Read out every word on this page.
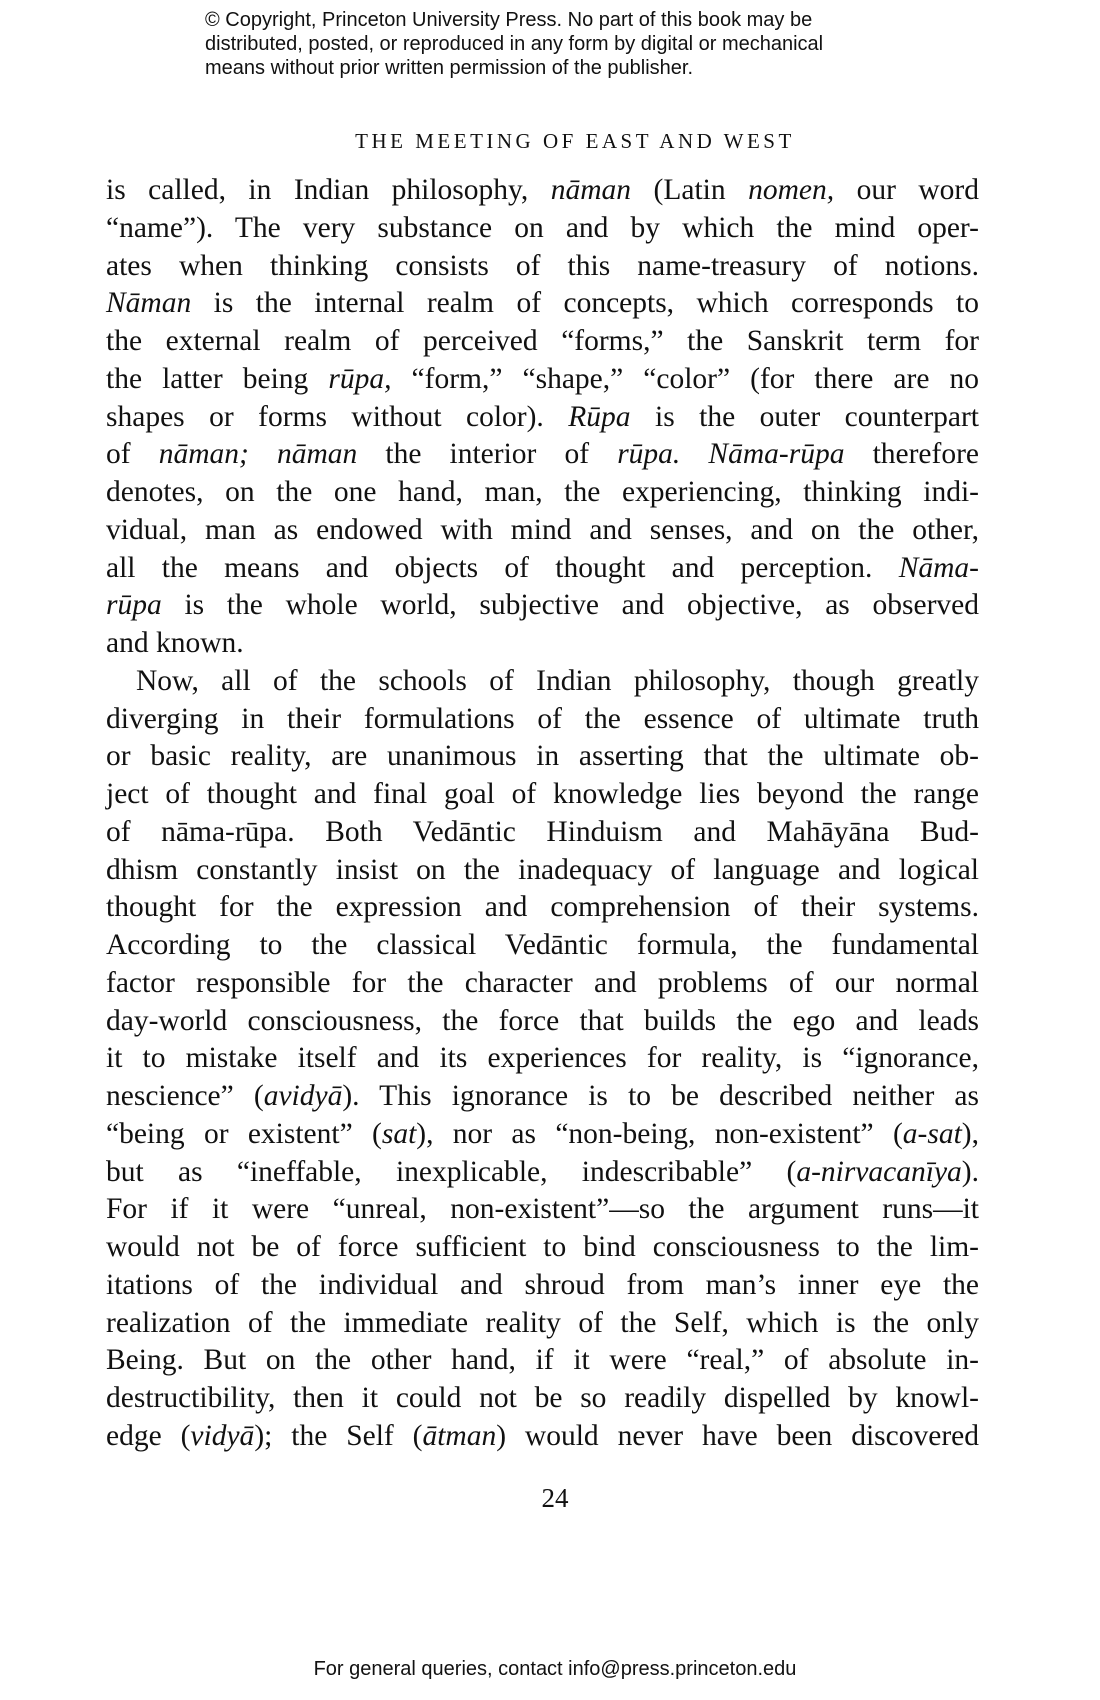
© Copyright, Princeton University Press. No part of this book may be
distributed, posted, or reproduced in any form by digital or mechanical
means without prior written permission of the publisher.
THE MEETING OF EAST AND WEST
is called, in Indian philosophy, nāman (Latin nomen, our word
“name”). The very substance on and by which the mind oper-
ates when thinking consists of this name-treasury of notions.
Nāman is the internal realm of concepts, which corresponds to
the external realm of perceived “forms,” the Sanskrit term for
the latter being rūpa, “form,” “shape,” “color” (for there are no
shapes or forms without color). Rūpa is the outer counterpart
of nāman; nāman the interior of rūpa. Nāma-rūpa therefore
denotes, on the one hand, man, the experiencing, thinking indi-
vidual, man as endowed with mind and senses, and on the other,
all the means and objects of thought and perception. Nāma-
rūpa is the whole world, subjective and objective, as observed
and known.
Now, all of the schools of Indian philosophy, though greatly
diverging in their formulations of the essence of ultimate truth
or basic reality, are unanimous in asserting that the ultimate ob-
ject of thought and final goal of knowledge lies beyond the range
of nāma-rūpa. Both Vedāntic Hinduism and Mahāyāna Bud-
dhism constantly insist on the inadequacy of language and logical
thought for the expression and comprehension of their systems.
According to the classical Vedāntic formula, the fundamental
factor responsible for the character and problems of our normal
day-world consciousness, the force that builds the ego and leads
it to mistake itself and its experiences for reality, is “ignorance,
nescience” (avidyā). This ignorance is to be described neither as
“being or existent” (sat), nor as “non-being, non-existent” (a-sat),
but as “ineffable, inexplicable, indescribable” (a-nirvacanīya).
For if it were “unreal, non-existent”—so the argument runs—it
would not be of force sufficient to bind consciousness to the lim-
itations of the individual and shroud from man’s inner eye the
realization of the immediate reality of the Self, which is the only
Being. But on the other hand, if it were “real,” of absolute in-
destructibility, then it could not be so readily dispelled by knowl-
edge (vidyā); the Self (ātman) would never have been discovered
24
For general queries, contact info@press.princeton.edu
